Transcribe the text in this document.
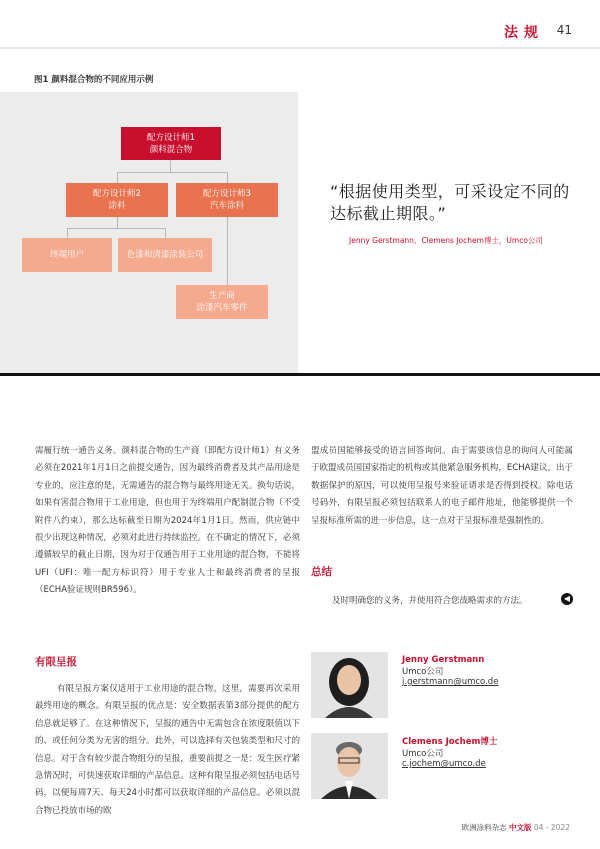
法规 41
图1 颜料混合物的不同应用示例
配方设计师1
颜料混合物
配方设计师2
涂料
配方设计师3
汽车涂料
终端用户	色漆和清漆涂装公司
生产商
涂漆汽车零件
“根据使用类型，可采设定不同的达标截止期限。”
Jenny Gerstmann、Clemens Jochem博士，Umco公司
需履行统一通告义务。颜料混合物的生产商（即配方设计师1）有义务必须在2021年1月1日之前提交通告，因为最终消费者及其产品用途是专业的，应注意的是，无需通告的混合物与最终用途无关。换句话说，如果有害混合物用于工业用途，但也用于为终端用户配制混合物（不受附件八约束），那么达标截至日期为2024年1月1日。然而，供应链中很少出现这种情况，必须对此进行持续监控。在不确定的情况下，必须遵循较早的截止日期，因为对于仅通告用于工业用途的混合物，不能将UFI（UFI：唯一配方标识符）用于专业人士和最终消费者的呈报（ECHA验证规则BR596）。
盟成员国能够接受的语言回答询问。由于需要该信息的询问人可能属于欧盟成员国国家指定的机构或其他紧急服务机构，ECHA建议，出于数据保护的原因，可以使用呈报号来验证请求是否得到授权。除电话号码外，有限呈报必须包括联系人的电子邮件地址，他能够提供一个呈报标准所需的进一步信息，这一点对于呈报标准是强制性的。
总结
及时明确您的义务，并使用符合您战略需求的方法。	◀
有限呈报
有限呈报方案仅适用于工业用途的混合物。这里，需要再次采用最终用途的概念。有限呈报的优点是：安全数据表第3部分提供的配方信息就足够了。在这种情况下，呈报的通告中无需包含在浓度限值以下的、或任何分类为无害的组分。此外，可以选择有关包装类型和尺寸的信息。对于含有较少混合物组分的呈报，重要前提之一是：发生医疗紧急情况时，可快速获取详细的产品信息。这种有限呈报必须包括电话号码，以便每周7天、每天24小时都可以获取详细的产品信息。必须以混合物已投放市场的欧
Jenny Gerstmann
Umco公司
j.gerstmann@umco.de
Clemens Jochem博士
Umco公司
c.jochem@umco.de
欧洲涂料杂志 中文版 04 - 2022
